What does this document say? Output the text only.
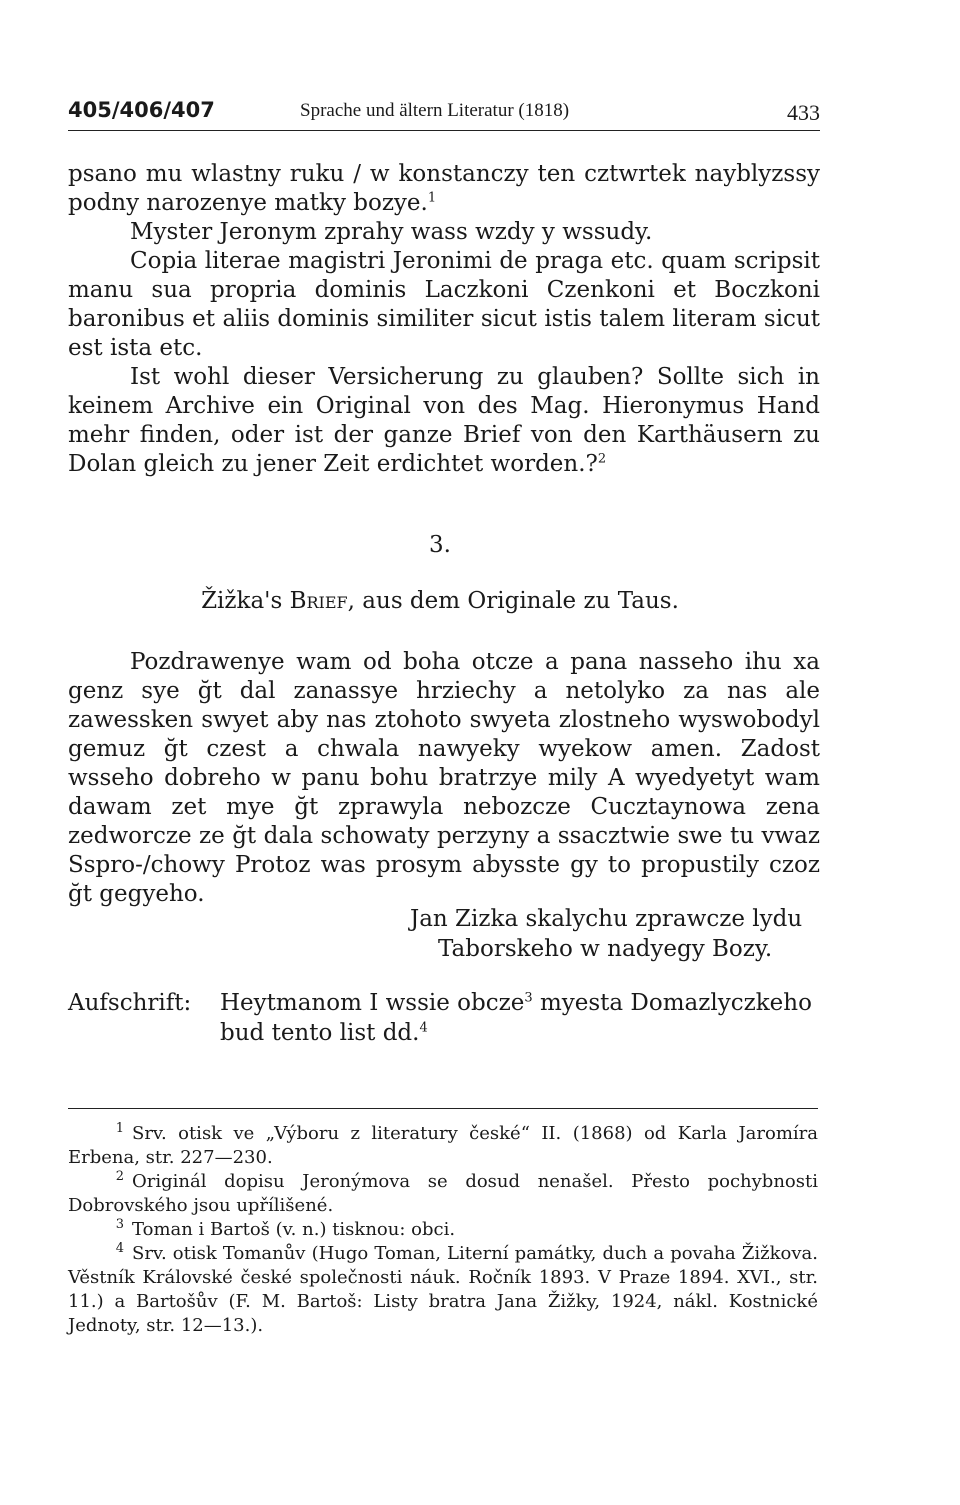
405/406/407	Sprache und ältern Literatur (1818)	433

psano mu wlastny ruku / w konstanczy ten cztwrtek nayblyzssy podny narozenye matky bozye.$^1$

Myster Jeronym zprahy wass wzdy y wssudy.

Copia literae magistri Jeronimi de praga etc. quam scripsit manu sua propria dominis Laczkoni Czenkoni et Boczkoni baronibus et aliis dominis similiter sicut istis talem literam sicut est ista etc.

Ist wohl dieser Versicherung zu glauben? Sollte sich in keinem Archive ein Original von des Mag. Hieronymus Hand mehr finden, oder ist der ganze Brief von den Karthäusern zu Dolan gleich zu jener Zeit erdichtet worden.?$^2$

3.
Žižka's Brief, aus dem Originale zu Taus.

Pozdrawenye wam od boha otcze a pana nasseho ihu xa genz sye ğt dal zanassye hrziechy a netolyko za nas ale zawessken swyet aby nas ztohoto swyeta zlostneho wyswobodyl gemuz ğt czest a chwala nawyeky wyekow amen. Zadost wsseho dobreho w panu bohu bratrzye mily A wyedyetyt wam dawam zet mye ğt zprawyla nebozcze Cucztaynowa zena zedworcze ze ğt dala schowaty perzyny a ssacztwie swe tu vwaz Sspro-/chowy Protoz was prosym abysste gy to propustily czoz ğt gegyeho.

Jan Zizka skalychu zprawcze lydu
Taborskeho w nadyegy Bozy.
Aufschrift: Heytmanom I wssie obcze$^3$ myesta Domazlyczkeho bud tento list dd.$^4$

$^1$ Srv. otisk ve „Výboru z literatury české“ II. (1868) od Karla Jaromíra Erbena, str. 227—230.

$^2$ Originál dopisu Jeronýmova se dosud nenašel. Přesto pochybnosti Dobrovského jsou upřílišené.

$^3$ Toman i Bartoš (v. n.) tisknou: obci.

$^4$ Srv. otisk Tomanův (Hugo Toman, Literní památky, duch a povaha Žižkova. Věstník Královské české společnosti náuk. Ročník 1893. V Praze 1894. XVI., str. 11.) a Bartošův (F. M. Bartoš: Listy bratra Jana Žižky, 1924, nákl. Kostnické Jednoty, str. 12—13.).
